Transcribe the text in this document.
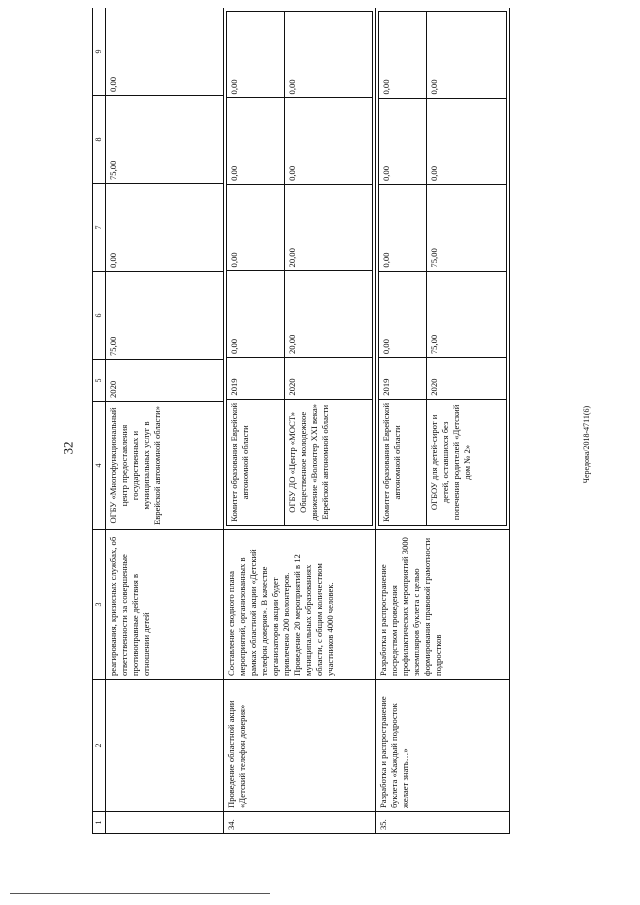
32
1	2	3	4	5	6	7	8	9
		реагирования, кризисных службах, об ответственности за совершенные противоправные действия в отношении детей	ОГБУ «Многофункциональный центр предоставления государственных и муниципальных услуг в Еврейской автономной области»	2020	75,00	0,00	75,00	0,00
34.	Проведение областной акции «Детский телефон доверия»	Составление сводного плана мероприятий, организованных в рамках областной акции «Детский телефон доверия». В качестве организаторов акции будет привлечено 200 волонтеров. Проведение 20 мероприятий в 12 муниципальных образованиях области, с общим количеством участников 4000 человек.	
Комитет образования Еврейской автономной области	2019	0,00	0,00	0,00	0,00
ОГБУ ДО «Центр «МОСТ» Общественное молодежное движение «Волонтер XXI века» Еврейской автономной области	2020	20,00	20,00	0,00	0,00

35.	Разработка и распространение буклета «Каждый подросток желает знать…»	Разработка и распространение посредством проведения профилактических мероприятий 3000 экземпляров буклета с целью формирования правовой грамотности подростков	
Комитет образования Еврейской автономной области	2019	0,00	0,00	0,00	0,00
ОГБОУ для детей-сирот и детей, оставшихся без попечения родителей «Детский дом № 2»	2020	75,00	75,00	0,00	0,00
Чередова/2018-4711(6)
